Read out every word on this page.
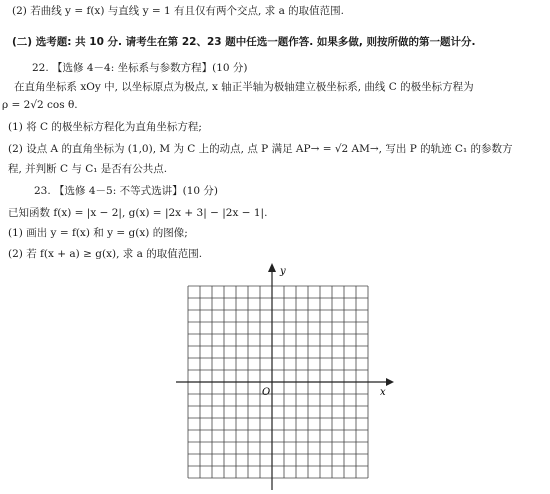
(2) 若曲线 y = f(x) 与直线 y = 1 有且仅有两个交点, 求 a 的取值范围.
(二) 选考题: 共 10 分. 请考生在第 22、23 题中任选一题作答. 如果多做, 则按所做的第一题计分.
22. 【选修 4－4: 坐标系与参数方程】(10 分)
在直角坐标系 xOy 中, 以坐标原点为极点, x 轴正半轴为极轴建立极坐标系, 曲线 C 的极坐标方程为
ρ = 2√2 cos θ.
(1) 将 C 的极坐标方程化为直角坐标方程;
(2) 设点 A 的直角坐标为 (1,0), M 为 C 上的动点, 点 P 满足 AP→ = √2 AM→, 写出 P 的轨迹 C₁ 的参数方
程, 并判断 C 与 C₁ 是否有公共点.
23. 【选修 4－5: 不等式选讲】(10 分)
已知函数 f(x) = |x − 2|, g(x) = |2x + 3| − |2x − 1|.
(1) 画出 y = f(x) 和 y = g(x) 的图像;
(2) 若 f(x + a) ≥ g(x), 求 a 的取值范围.
x
y
O
